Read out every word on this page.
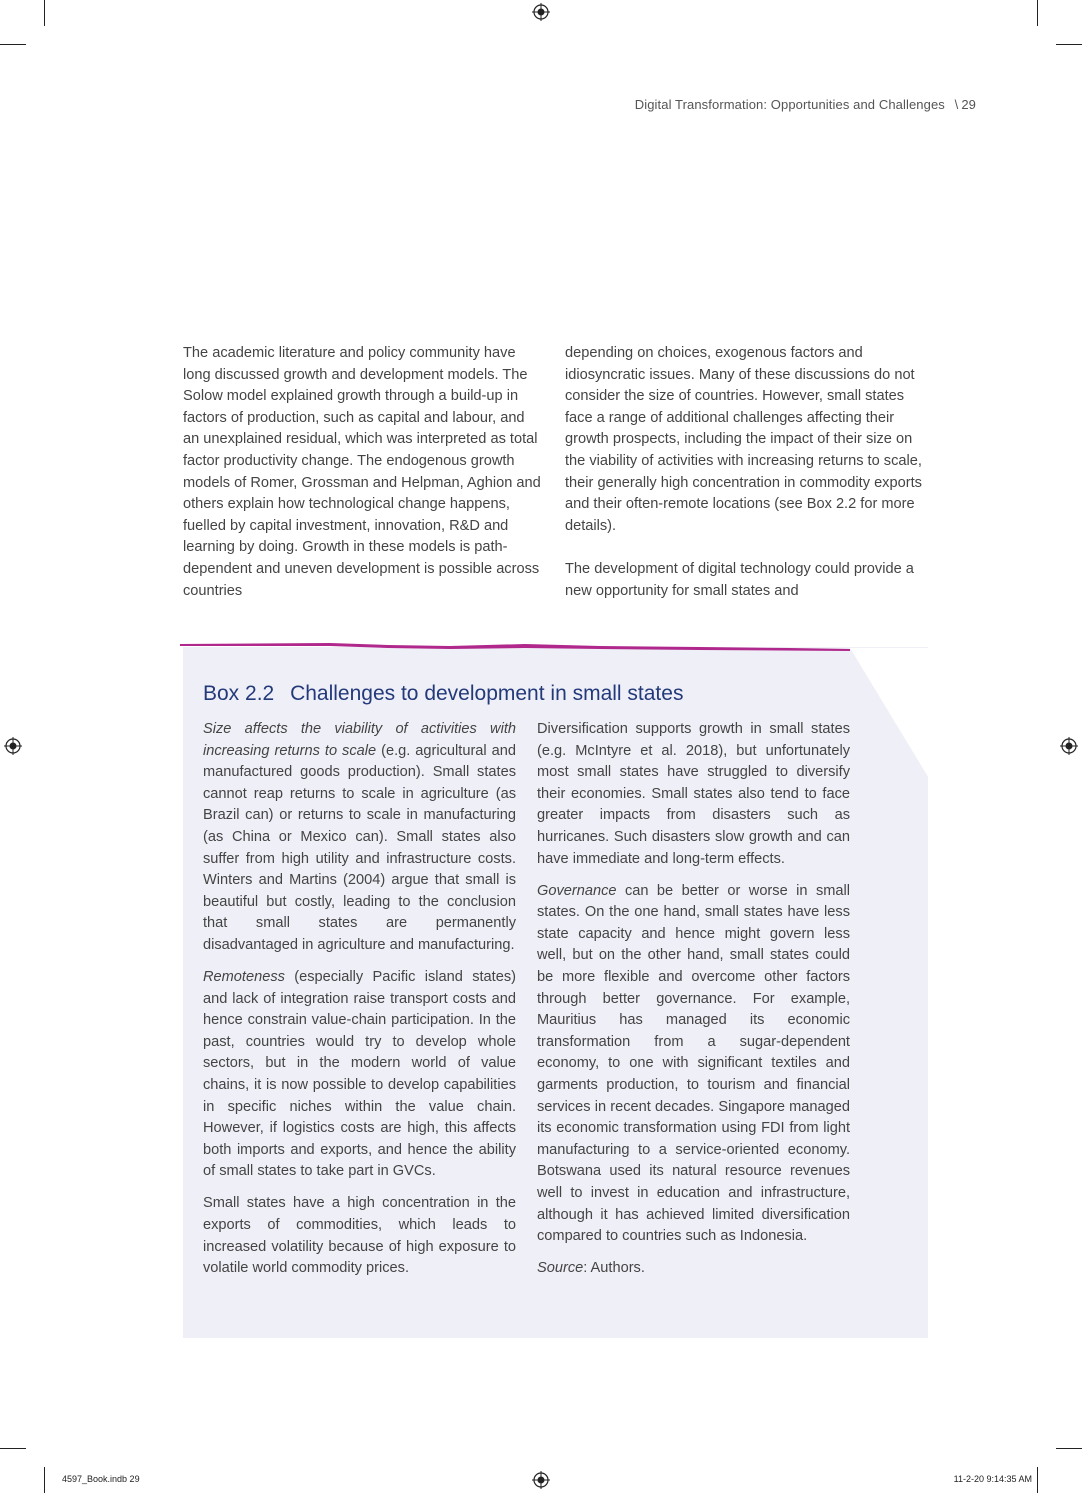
Digital Transformation: Opportunities and Challenges \ 29

The academic literature and policy community have long discussed growth and development models. The Solow model explained growth through a build-up in factors of production, such as capital and labour, and an unexplained residual, which was interpreted as total factor productivity change. The endogenous growth models of Romer, Grossman and Helpman, Aghion and others explain how technological change happens, fuelled by capital investment, innovation, R&D and learning by doing. Growth in these models is path-dependent and uneven development is possible across countries

depending on choices, exogenous factors and idiosyncratic issues. Many of these discussions do not consider the size of countries. However, small states face a range of additional challenges affecting their growth prospects, including the impact of their size on the viability of activities with increasing returns to scale, their generally high concentration in commodity exports and their often-remote locations (see Box 2.2 for more details).

The development of digital technology could provide a new opportunity for small states and

Box 2.2 Challenges to development in small states

Size affects the viability of activities with increasing returns to scale (e.g. agricultural and manufactured goods production). Small states cannot reap returns to scale in agriculture (as Brazil can) or returns to scale in manufacturing (as China or Mexico can). Small states also suffer from high utility and infrastructure costs. Winters and Martins (2004) argue that small is beautiful but costly, leading to the conclusion that small states are permanently disadvantaged in agriculture and manufacturing.

Remoteness (especially Pacific island states) and lack of integration raise transport costs and hence constrain value-chain participation. In the past, countries would try to develop whole sectors, but in the modern world of value chains, it is now possible to develop capabilities in specific niches within the value chain. However, if logistics costs are high, this affects both imports and exports, and hence the ability of small states to take part in GVCs.

Small states have a high concentration in the exports of commodities, which leads to increased volatility because of high exposure to volatile world commodity prices.

Diversification supports growth in small states (e.g. McIntyre et al. 2018), but unfortunately most small states have struggled to diversify their economies. Small states also tend to face greater impacts from disasters such as hurricanes. Such disasters slow growth and can have immediate and long-term effects.

Governance can be better or worse in small states. On the one hand, small states have less state capacity and hence might govern less well, but on the other hand, small states could be more flexible and overcome other factors through better governance. For example, Mauritius has managed its economic transformation from a sugar-dependent economy, to one with significant textiles and garments production, to tourism and financial services in recent decades. Singapore managed its economic transformation using FDI from light manufacturing to a service-oriented economy. Botswana used its natural resource revenues well to invest in education and infrastructure, although it has achieved limited diversification compared to countries such as Indonesia.

Source: Authors.

4597_Book.indb 29	11-2-20 9:14:35 AM
